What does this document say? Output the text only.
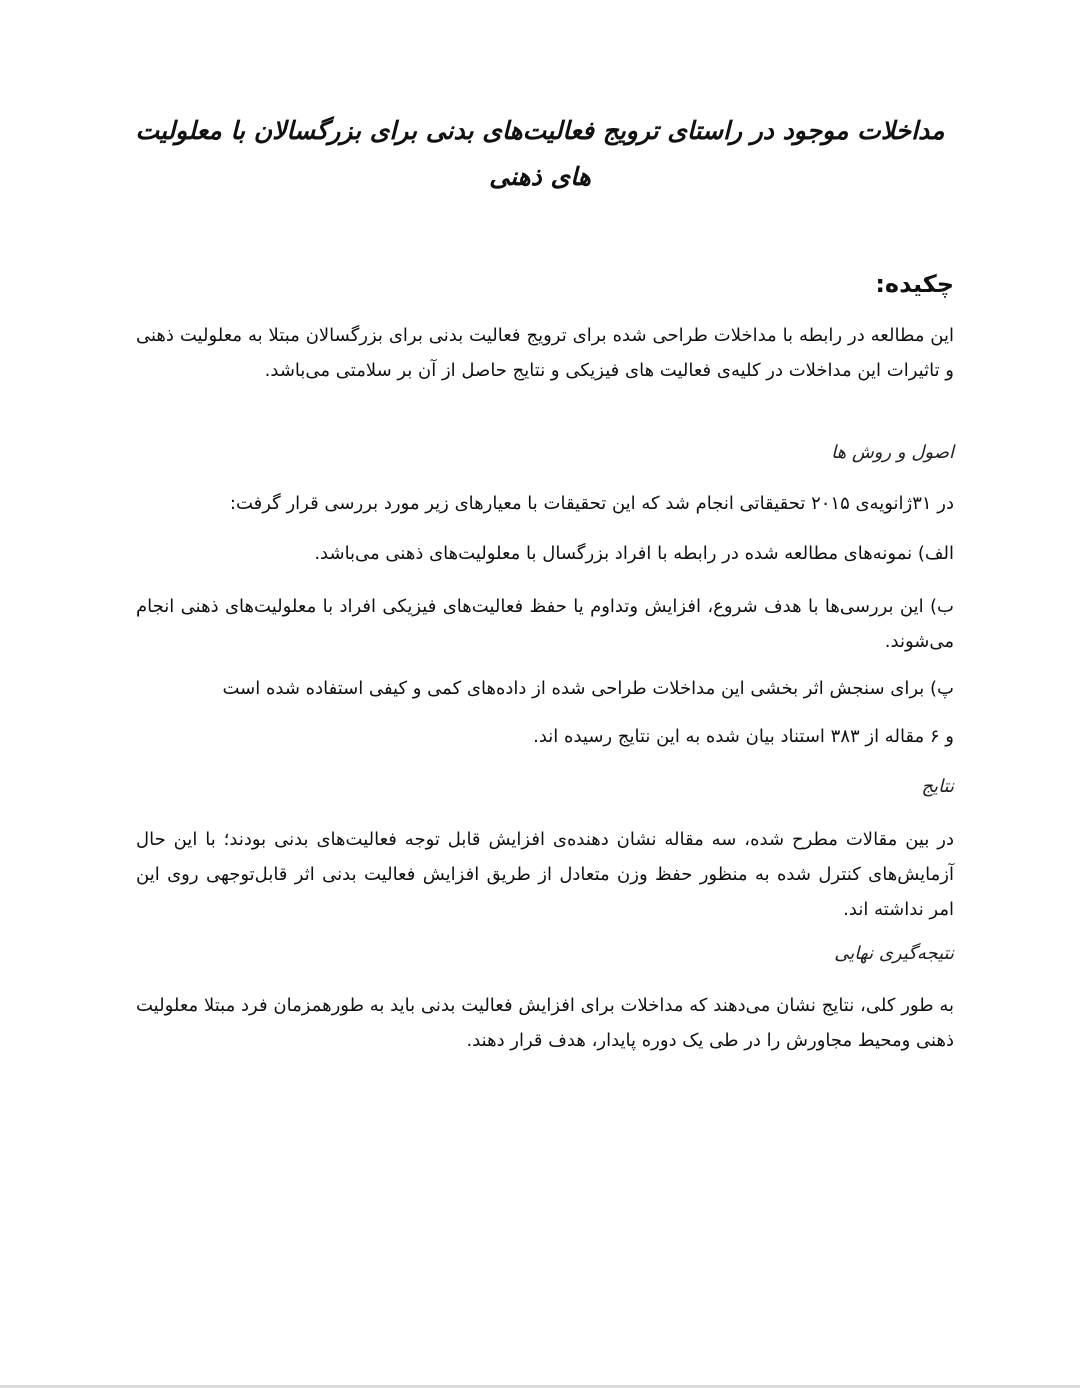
مداخلات موجود در راستای ترویج فعالیت‌های بدنی برای بزرگسالان با معلولیت
های ذهنی
چکیده:
این مطالعه در رابطه با مداخلات طراحی شده برای ترویج فعالیت بدنی برای بزرگسالان مبتلا به معلولیت ذهنی و تاثیرات این مداخلات در کلیه‌ی فعالیت های فیزیکی و نتایج حاصل از آن بر سلامتی می‌باشد.
اصول و روش ها
در ۳۱ژانویه‌ی ۲۰۱۵ تحقیقاتی انجام شد که این تحقیقات با معیارهای زیر مورد بررسی قرار گرفت:
الف) نمونه‌های مطالعه شده در رابطه با افراد بزرگسال با معلولیت‌های ذهنی می‌باشد.
ب) این بررسی‌ها با هدف شروع، افزایش وتداوم یا حفظ فعالیت‌های فیزیکی افراد با معلولیت‌های ذهنی انجام می‌شوند.
پ) برای سنجش اثر بخشی این مداخلات طراحی شده از داده‌های کمی و کیفی استفاده شده است
و ۶ مقاله از ۳۸۳ استناد بیان شده به این نتایج رسیده اند.
نتایج
در بین مقالات مطرح شده، سه مقاله نشان دهنده‌ی افزایش قابل توجه فعالیت‌های بدنی بودند؛ با این حال آزمایش‌های کنترل شده به منظور حفظ وزن متعادل از طریق افزایش فعالیت بدنی اثر قابل‌توجهی روی این امر نداشته اند.
نتیجه‌گیری نهایی
به طور کلی، نتایج نشان می‌دهند که مداخلات برای افزایش فعالیت بدنی باید به طورهمزمان فرد مبتلا معلولیت ذهنی ومحیط مجاورش را در طی یک دوره پایدار، هدف قرار دهند.
